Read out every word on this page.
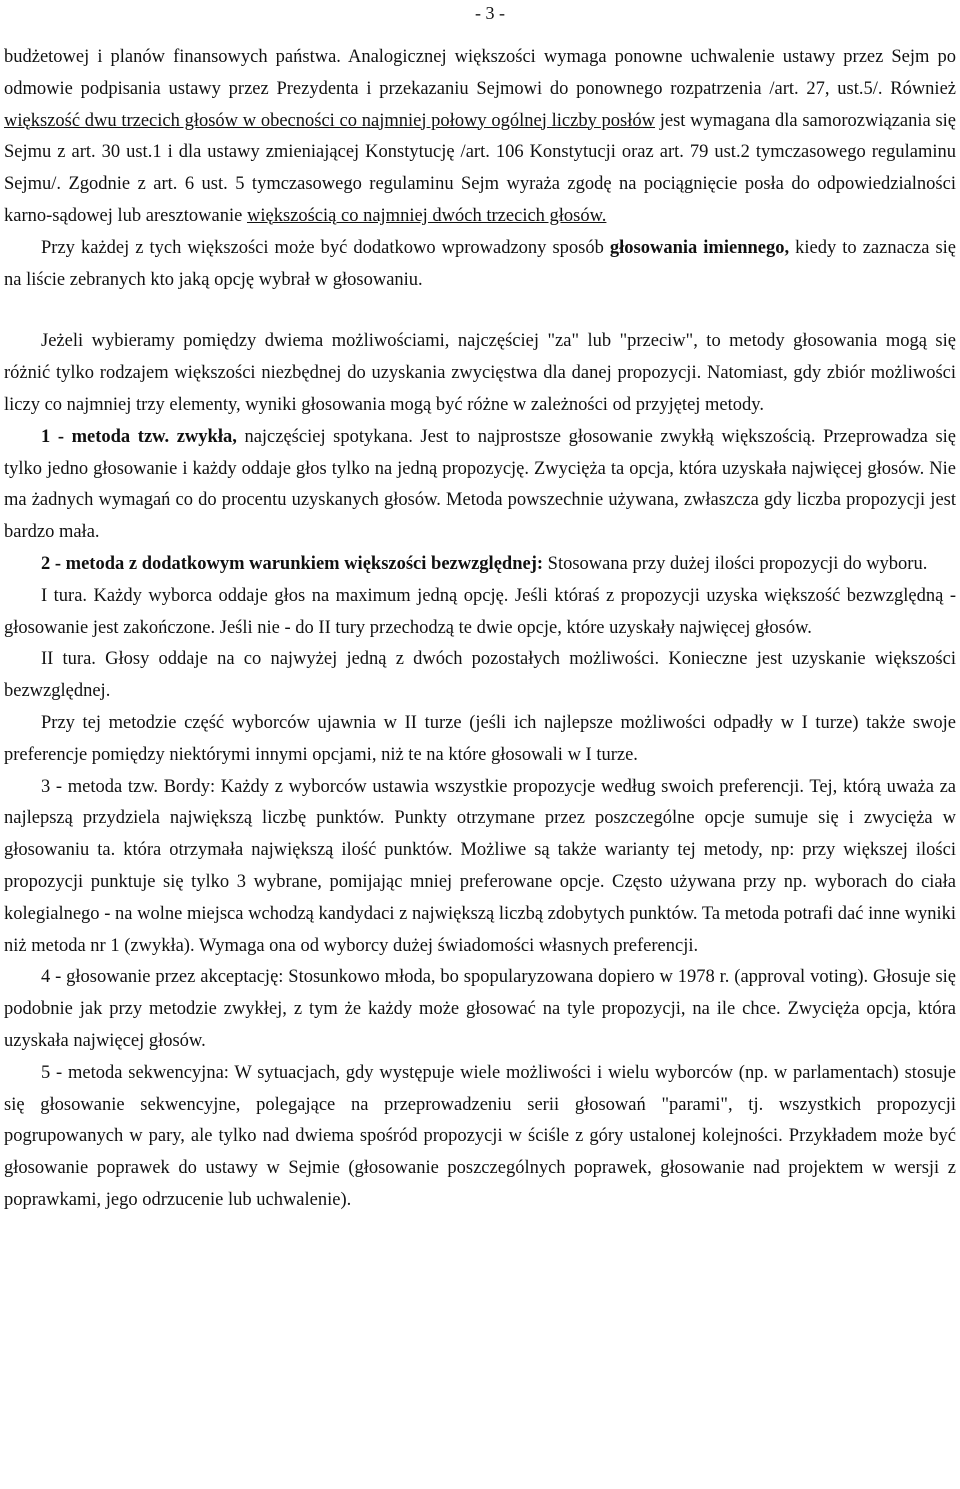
- 3 -

budżetowej i planów finansowych państwa. Analogicznej większości wymaga ponowne uchwalenie ustawy przez Sejm po odmowie podpisania ustawy przez Prezydenta i przekazaniu Sejmowi do ponownego rozpatrzenia /art. 27, ust.5/. Również większość dwu trzecich głosów w obecności co najmniej połowy ogólnej liczby posłów jest wymagana dla samorozwiązania się Sejmu z art. 30 ust.1 i dla ustawy zmieniającej Konstytucję /art. 106 Konstytucji oraz art. 79 ust.2 tymczasowego regulaminu Sejmu/. Zgodnie z art. 6 ust. 5 tymczasowego regulaminu Sejm wyraża zgodę na pociągnięcie posła do odpowiedzialności karno-sądowej lub aresztowanie większością co najmniej dwóch trzecich głosów.

Przy każdej z tych większości może być dodatkowo wprowadzony sposób głosowania imiennego, kiedy to zaznacza się na liście zebranych kto jaką opcję wybrał w głosowaniu.

Jeżeli wybieramy pomiędzy dwiema możliwościami, najczęściej "za" lub "przeciw", to metody głosowania mogą się różnić tylko rodzajem większości niezbędnej do uzyskania zwycięstwa dla danej propozycji. Natomiast, gdy zbiór możliwości liczy co najmniej trzy elementy, wyniki głosowania mogą być różne w zależności od przyjętej metody.

1 - metoda tzw. zwykła, najczęściej spotykana. Jest to najprostsze głosowanie zwykłą większością. Przeprowadza się tylko jedno głosowanie i każdy oddaje głos tylko na jedną propozycję. Zwycięża ta opcja, która uzyskała najwięcej głosów. Nie ma żadnych wymagań co do procentu uzyskanych głosów. Metoda powszechnie używana, zwłaszcza gdy liczba propozycji jest bardzo mała.

2 - metoda z dodatkowym warunkiem większości bezwzględnej: Stosowana przy dużej ilości propozycji do wyboru.

I tura. Każdy wyborca oddaje głos na maximum jedną opcję. Jeśli któraś z propozycji uzyska większość bezwzględną - głosowanie jest zakończone. Jeśli nie - do II tury przechodzą te dwie opcje, które uzyskały najwięcej głosów.

II tura. Głosy oddaje na co najwyżej jedną z dwóch pozostałych możliwości. Konieczne jest uzyskanie większości bezwzględnej.

Przy tej metodzie część wyborców ujawnia w II turze (jeśli ich najlepsze możliwości odpadły w I turze) także swoje preferencje pomiędzy niektórymi innymi opcjami, niż te na które głosowali w I turze.

3 - metoda tzw. Bordy: Każdy z wyborców ustawia wszystkie propozycje według swoich preferencji. Tej, którą uważa za najlepszą przydziela największą liczbę punktów. Punkty otrzymane przez poszczególne opcje sumuje się i zwycięża w głosowaniu ta. która otrzymała największą ilość punktów. Możliwe są także warianty tej metody, np: przy większej ilości propozycji punktuje się tylko 3 wybrane, pomijając mniej preferowane opcje. Często używana przy np. wyborach do ciała kolegialnego - na wolne miejsca wchodzą kandydaci z największą liczbą zdobytych punktów. Ta metoda potrafi dać inne wyniki niż metoda nr 1 (zwykła). Wymaga ona od wyborcy dużej świadomości własnych preferencji.

4 - głosowanie przez akceptację: Stosunkowo młoda, bo spopularyzowana dopiero w 1978 r. (approval voting). Głosuje się podobnie jak przy metodzie zwykłej, z tym że każdy może głosować na tyle propozycji, na ile chce. Zwycięża opcja, która uzyskała najwięcej głosów.

5 - metoda sekwencyjna: W sytuacjach, gdy występuje wiele możliwości i wielu wyborców (np. w parlamentach) stosuje się głosowanie sekwencyjne, polegające na przeprowadzeniu serii głosowań "parami", tj. wszystkich propozycji pogrupowanych w pary, ale tylko nad dwiema spośród propozycji w ściśle z góry ustalonej kolejności. Przykładem może być głosowanie poprawek do ustawy w Sejmie (głosowanie poszczególnych poprawek, głosowanie nad projektem w wersji z poprawkami, jego odrzucenie lub uchwalenie).
